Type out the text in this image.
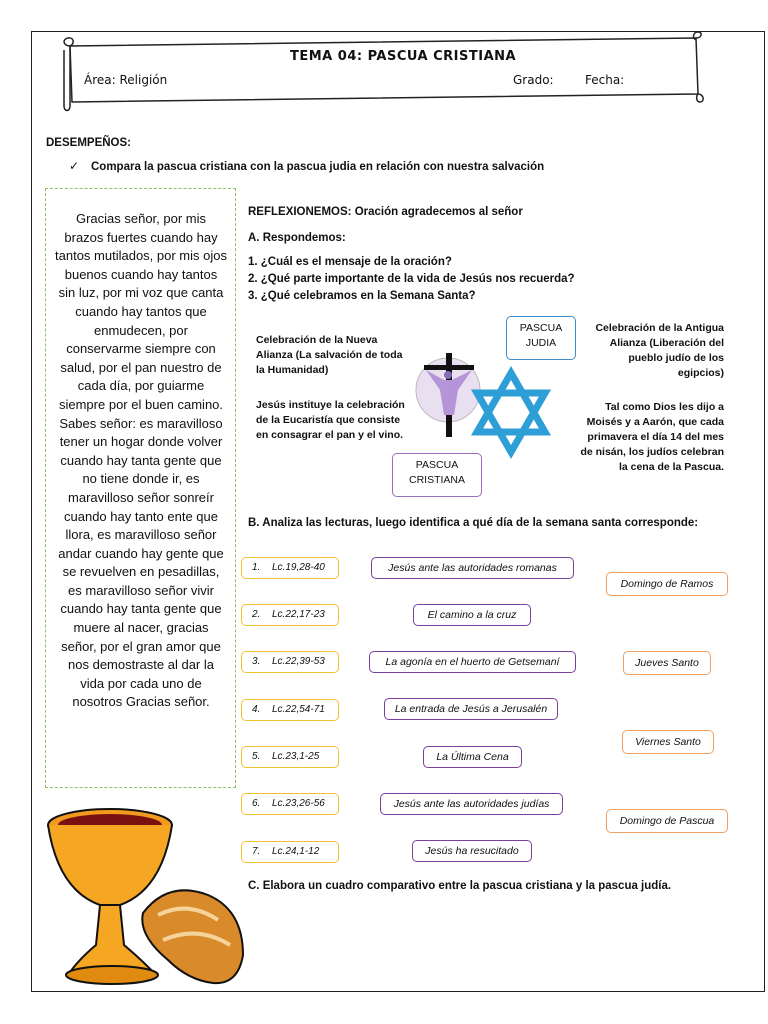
TEMA 04: PASCUA CRISTIANA
Área: Religión	Grado:	Fecha:
DESEMPEÑOS:
✓ Compara la pascua cristiana con la pascua judia en relación con nuestra salvación
Gracias señor, por mis brazos fuertes cuando hay tantos mutilados, por mis ojos buenos cuando hay tantos sin luz, por mi voz que canta cuando hay tantos que enmudecen, por conservarme siempre con salud, por el pan nuestro de cada día, por guiarme siempre por el buen camino.
Sabes señor: es maravilloso tener un hogar donde volver cuando hay tanta gente que no tiene donde ir, es maravilloso señor sonreír cuando hay tanto ente que llora, es maravilloso señor andar cuando hay gente que se revuelven en pesadillas, es maravilloso señor vivir cuando hay tanta gente que muere al nacer, gracias señor, por el gran amor que nos demostraste al dar la vida por cada uno de nosotros Gracias señor.
REFLEXIONEMOS: Oración agradecemos al señor
A. Respondemos:
1. ¿Cuál es el mensaje de la oración?
2. ¿Qué parte importante de la vida de Jesús nos recuerda?
3. ¿Qué celebramos en la Semana Santa?
Celebración de la Nueva Alianza (La salvación de toda la Humanidad)
Jesús instituye la celebración de la Eucaristía que consiste en consagrar el pan y el vino.
Celebración de la Antigua Alianza (Liberación del pueblo judío de los egipcios)
Tal como Dios les dijo a Moisés y a Aarón, que cada primavera el día 14 del mes de nisán, los judíos celebran la cena de la Pascua.
PASCUA JUDIA
PASCUA CRISTIANA
B. Analiza las lecturas, luego identifica a qué día de la semana santa corresponde:
1. Lc.19,28-40
2. Lc.22,17-23
3. Lc.22,39-53
4. Lc.22,54-71
5. Lc.23,1-25
6. Lc.23,26-56
7. Lc.24,1-12
Jesús ante las autoridades romanas
El camino a la cruz
La agonía en el huerto de Getsemaní
La entrada de Jesús a Jerusalén
La Última Cena
Jesús ante las autoridades judías
Jesús ha resucitado
Domingo de Ramos
Jueves Santo
Viernes Santo
Domingo de Pascua
C. Elabora un cuadro comparativo entre la pascua cristiana y la pascua judía.
